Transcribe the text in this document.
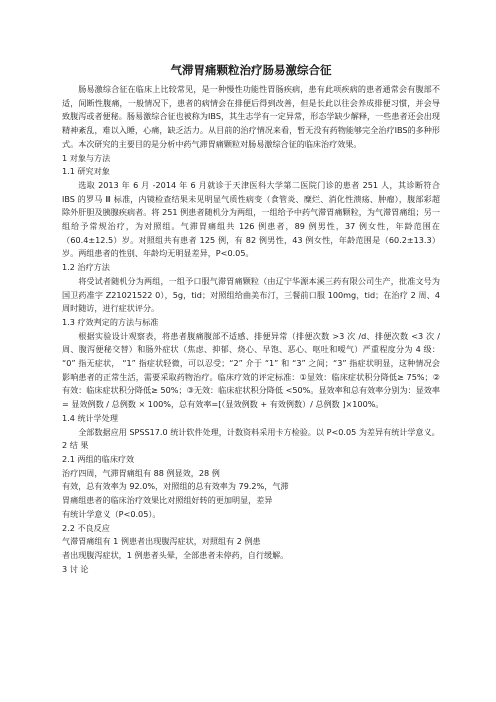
气滞胃痛颗粒治疗肠易激综合征

肠易激综合征在临床上比较常见，是一种慢性功能性胃肠疾病，患有此项疾病的患者通常会有腹部不适，间断性腹痛，一般情况下，患者的病情会在排便后得到改善，但是长此以往会养成排便习惯，并会导致腹泻或者便秘。肠易激综合征也被称为IBS，其生志学有一定异常，形态学缺少解释，一些患者还会出现精神紊乱，难以入睡，心痛，缺乏活力。从目前的治疗情况来看，暂无没有药物能够完全治疗IBS的多种形式。本次研究的主要目的是分析中药气滞胃痛颗粒对肠易激综合征的临床治疗效果。

1 对象与方法

1.1 研究对象

选取 2013 年 6 月 -2014 年 6 月就诊于天津医科大学第二医院门诊的患者 251 人，其诊断符合 IBS 的罗马 Ⅲ 标准，内镜检查结果未见明显气质性病变（食管炎、糜烂、消化性溃疡、肿瘤），腹部彩超除外肝胆及胰腺疾病者。将 251 例患者随机分为两组，一组给予中药气滞胃痛颗粒，为气滞胃痛组；另一组给予常规治疗，为对照组。气滞胃痛组共 126 例患者，89 例男性，37 例女性，年龄范围在（60.4±12.5）岁。对照组共有患者 125 例，有 82 例男性，43 例女性，年龄范围是（60.2±13.3）岁。两组患者的性别、年龄均无明显差异，P<0.05。

1.2 治疗方法

将受试者随机分为两组，一组予口服气滞胃痛颗粒（由辽宁华源本溪三药有限公司生产，批准文号为国卫药准字 Z21021522 0），5g，tid；对照组给曲美布汀，三餐前口服 100mg，tid；在治疗 2 周、4 周时随访，进行症状评分。

1.3 疗效判定的方法与标准

根据实验设计观察表，将患者腹痛腹部不适感、排便异常（排便次数 >3 次 /d、排便次数 <3 次 / 周、腹泻便秘交替）和肠外症状（焦虑、抑郁、烧心、早饱、恶心、呕吐和嗳气）严重程度分为 4 级： “0” 指无症状， “1” 指症状轻微，可以忍受；“2” 介于 “1” 和 “3” 之间；“3” 指症状明显，这种情况会影响患者的正常生活，需要采取药物治疗。临床疗效的评定标准：①显效：临床症状积分降低≥ 75%；②有效：临床症状积分降低≥ 50%；③无效：临床症状积分降低 <50%。显效率和总有效率分别为：显效率 = 显效例数 / 总例数 × 100%，总有效率=[（显效例数 + 有效例数）/ 总例数 ]×100%。

1.4 统计学处理

全部数据应用 SPSS17.0 统计软件处理，计数资料采用卡方检验。以 P<0.05 为差异有统计学意义。

2 结 果

2.1 两组的临床疗效

治疗四周，气滞胃痛组有 88 例显效，28 例

有效，总有效率为 92.0%，对照组的总有效率为 79.2%，气滞

胃痛组患者的临床治疗效果比对照组好转的更加明显，差异

有统计学意义（P<0.05）。

2.2 不良反应

气滞胃痛组有 1 例患者出现腹泻症状，对照组有 2 例患

者出现腹泻症状，1 例患者头晕，全部患者未停药，自行缓解。

3 讨 论
